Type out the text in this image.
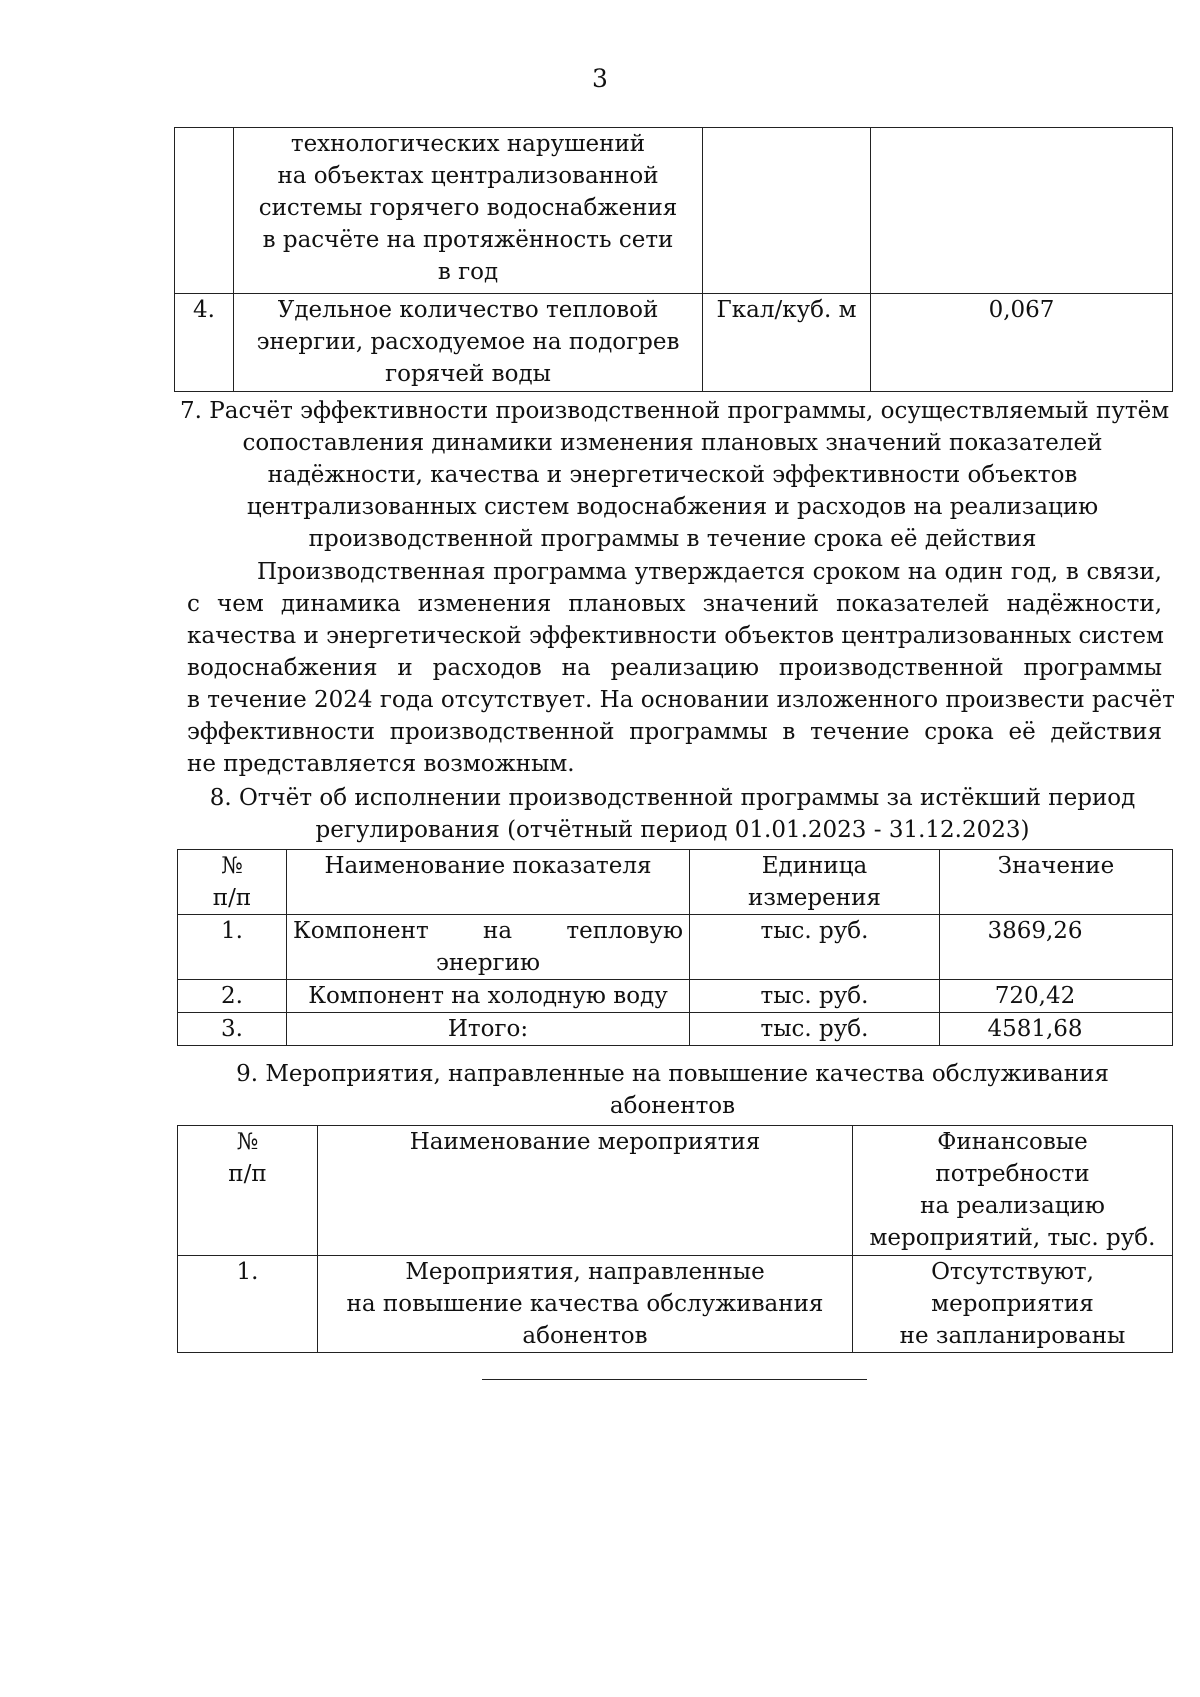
3

	технологических нарушений
на объектах централизованной
системы горячего водоснабжения
в расчёте на протяжённость сети
в год		

4.	Удельное количество тепловой
энергии, расходуемое на подогрев
горячей воды	Гкал/куб. м	0,067
7. Расчёт эффективности производственной программы, осуществляемый путём
сопоставления динамики изменения плановых значений показателей
надёжности, качества и энергетической эффективности объектов
централизованных систем водоснабжения и расходов на реализацию
производственной программы в течение срока её действия
Производственная программа утверждается сроком на один год, в связи,
с чем динамика изменения плановых значений показателей надёжности,
качества и энергетической эффективности объектов централизованных систем
водоснабжения и расходов на реализацию производственной программы
в течение 2024 года отсутствует. На основании изложенного произвести расчёт
эффективности производственной программы в течение срока её действия
не представляется возможным.
8. Отчёт об исполнении производственной программы за истёкший период
регулирования (отчётный период 01.01.2023 - 31.12.2023)
№
п/п	Наименование показателя	Единица
измерения	Значение
1.	Компонент на тепловую
энергию	тыс. руб.	3869,26
2.	Компонент на холодную воду	тыс. руб.	720,42
3.	Итого:	тыс. руб.	4581,68
9. Мероприятия, направленные на повышение качества обслуживания
абонентов
№
п/п	Наименование мероприятия	Финансовые
потребности
на реализацию
мероприятий, тыс. руб.

1.	Мероприятия, направленные
на повышение качества обслуживания
абонентов	Отсутствуют,
мероприятия
не запланированы
